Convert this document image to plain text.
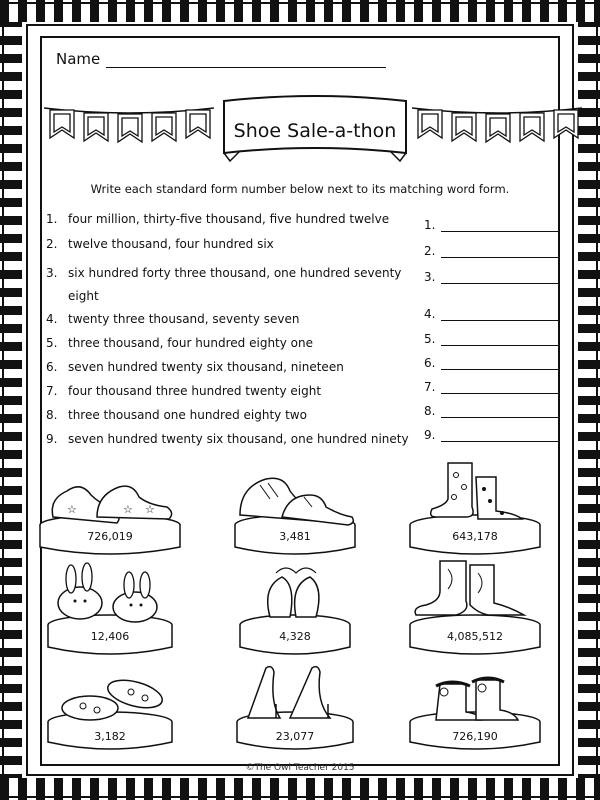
Name
Shoe Sale-a-thon
Write each standard form number below next to its matching word form.
1. four million, thirty-five thousand, five hundred twelve
2. twelve thousand, four hundred six
3. six hundred forty three thousand, one hundred seventy eight
4. twenty three thousand, seventy seven
5. three thousand, four hundred eighty one
6. seven hundred twenty six thousand, nineteen
7. four thousand three hundred twenty eight
8. three thousand one hundred eighty two
9. seven hundred twenty six thousand, one hundred ninety
1.
2.
3.
4.
5.
6.
7.
8.
9.
☆	☆ ☆
726,019	3,481	643,178
12,406	4,328	4,085,512
3,182	23,077	726,190
©The Owl Teacher 2015
